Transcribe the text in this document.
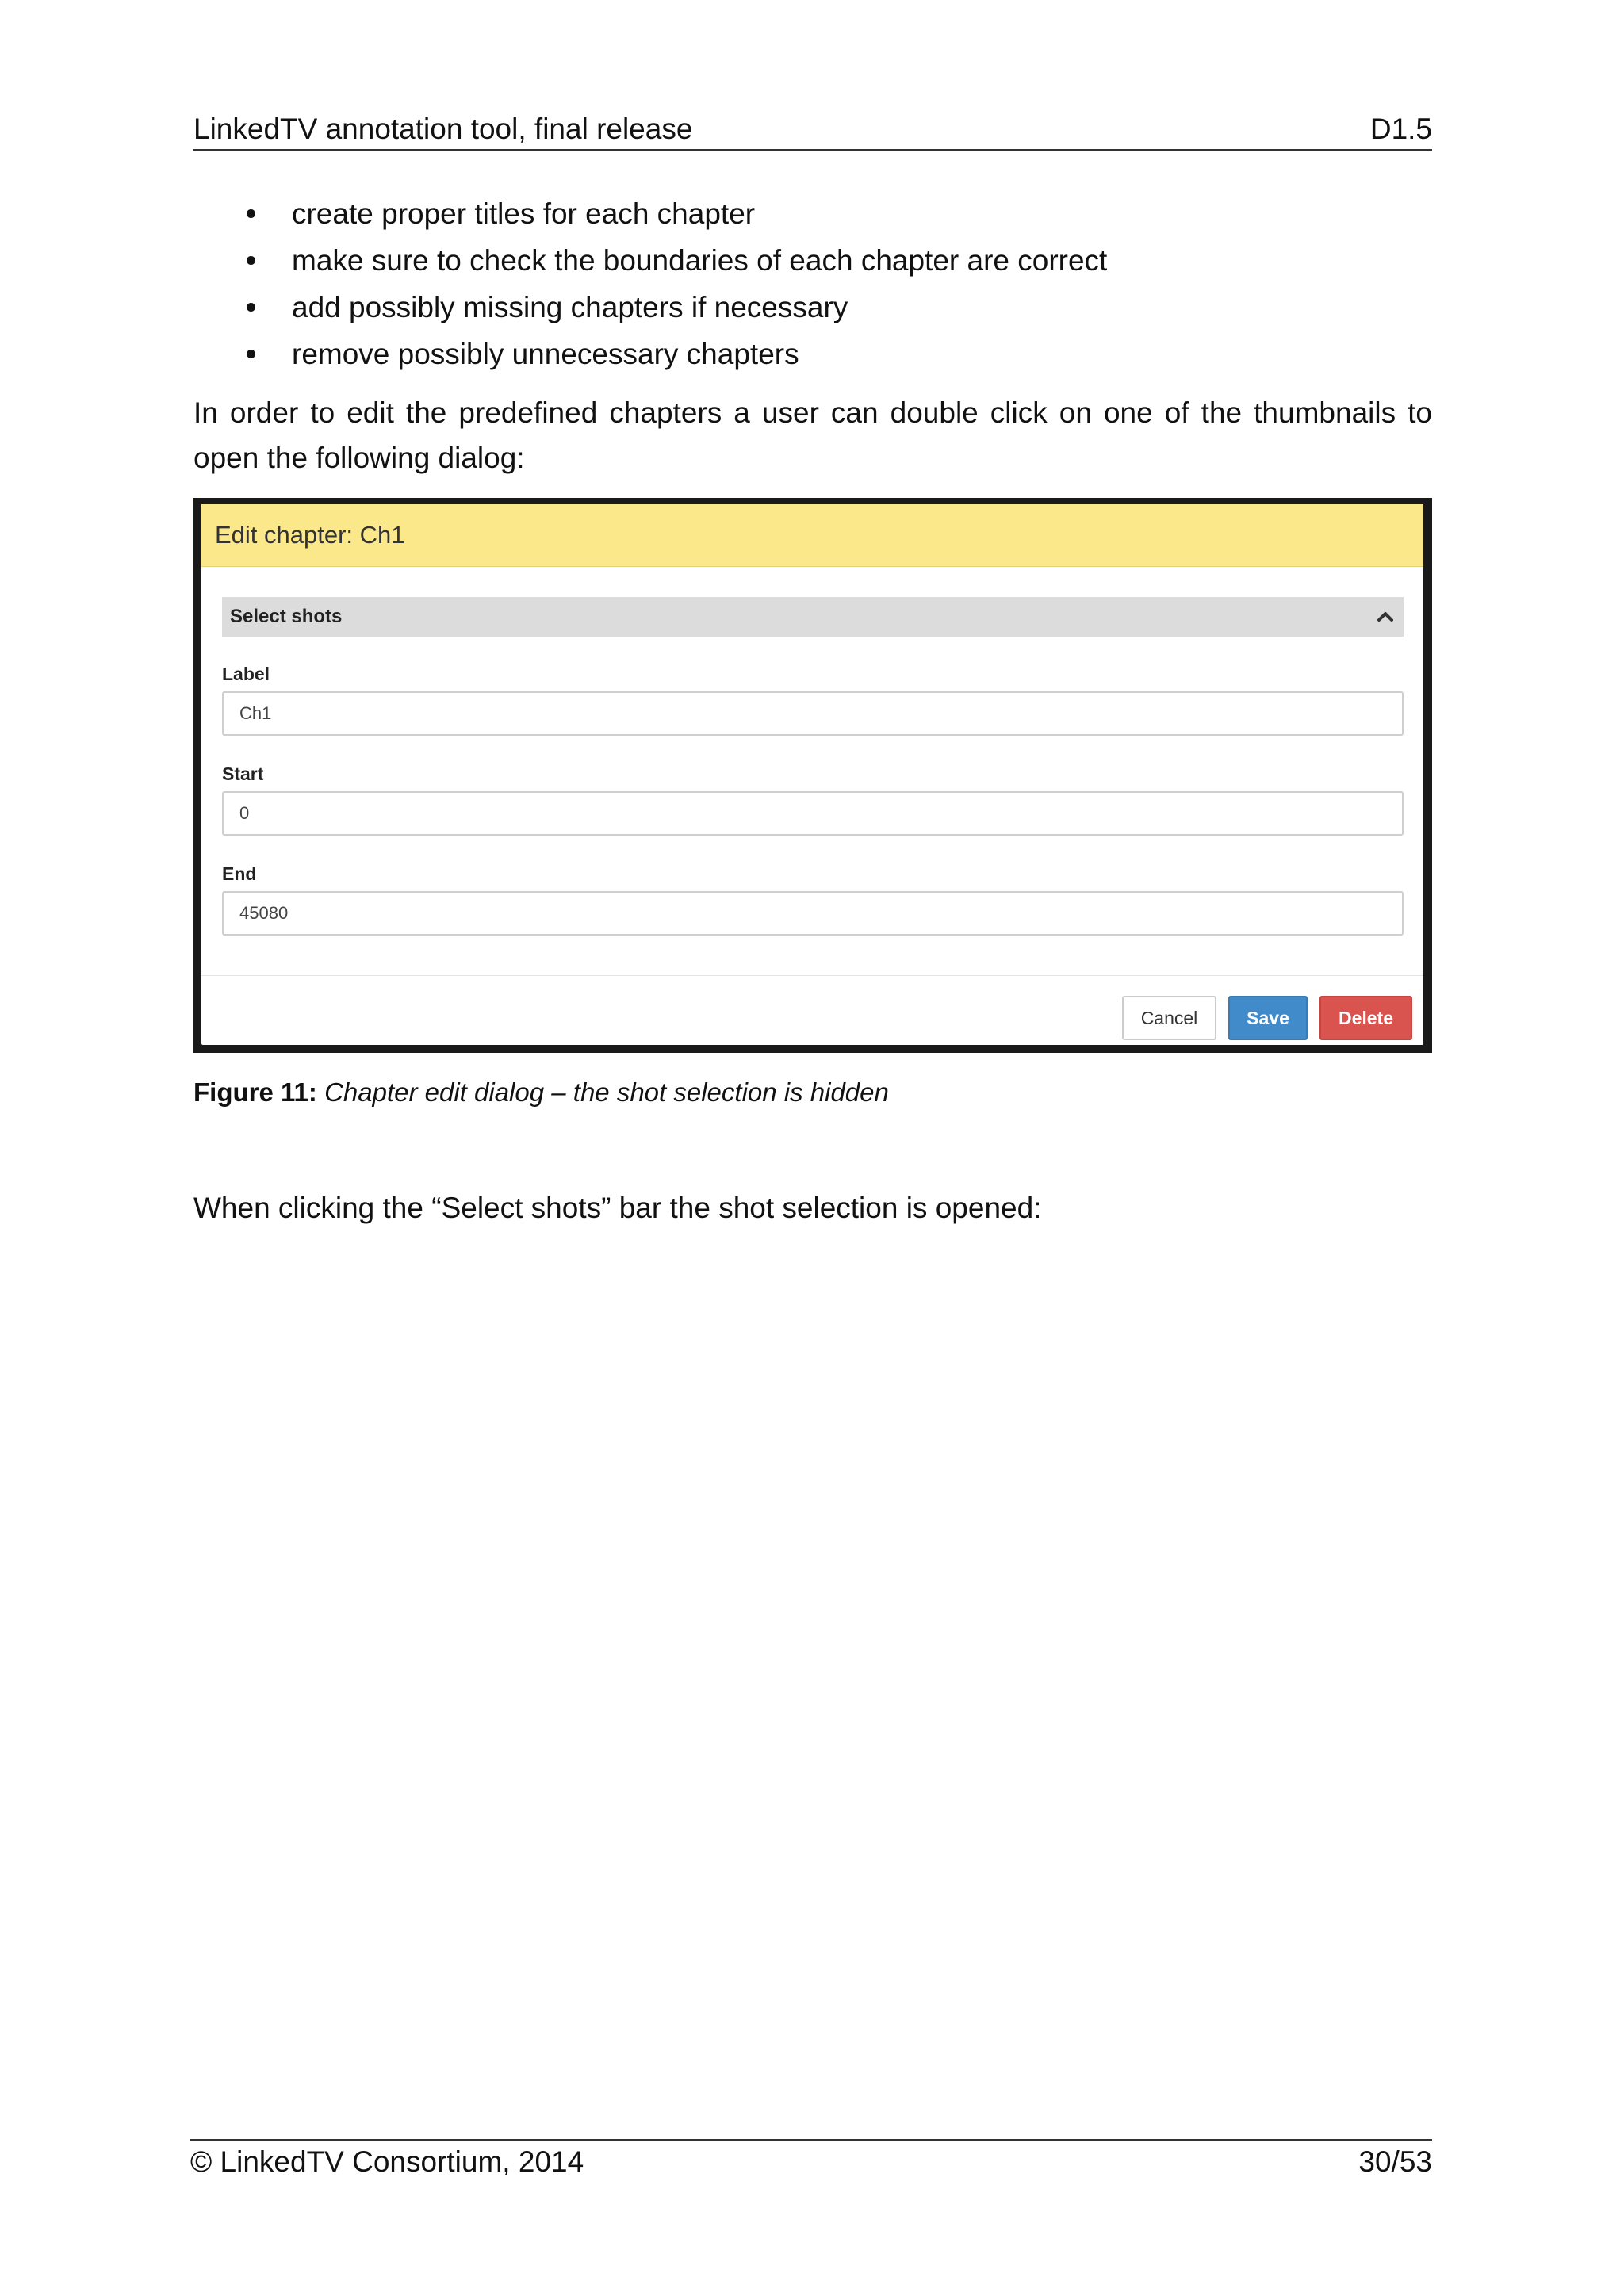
LinkedTV annotation tool, final release	D1.5
create proper titles for each chapter
make sure to check the boundaries of each chapter are correct
add possibly missing chapters if necessary
remove possibly unnecessary chapters

In order to edit the predefined chapters a user can double click on one of the thumbnails to open the following dialog:

Edit chapter: Ch1
Select shots
Label
Ch1
Start
0
End
45080
Cancel	Save	Delete
Figure 11: Chapter edit dialog – the shot selection is hidden

When clicking the “Select shots” bar the shot selection is opened:

© LinkedTV Consortium, 2014	30/53
